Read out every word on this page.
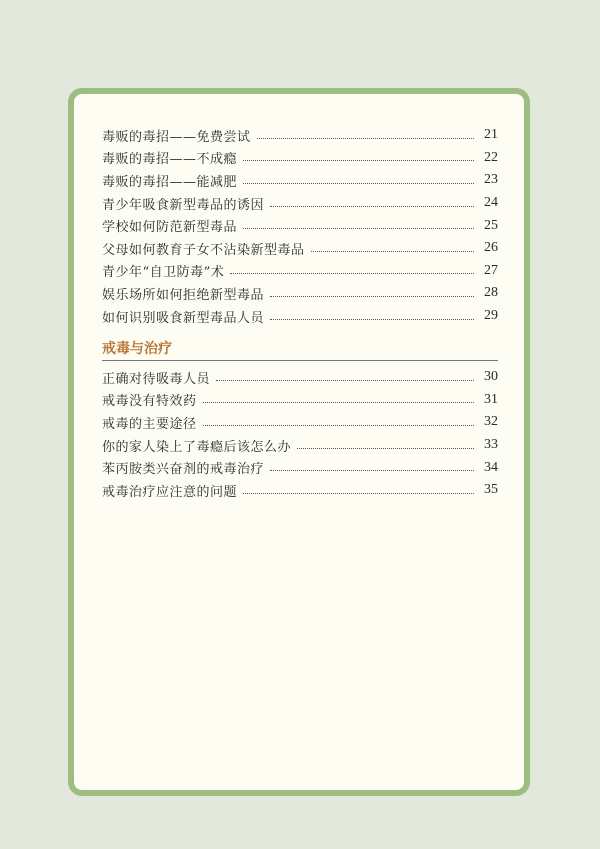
毒贩的毒招——免费尝试	21
毒贩的毒招——不成瘾	22
毒贩的毒招——能减肥	23
青少年吸食新型毒品的诱因	24
学校如何防范新型毒品	25
父母如何教育子女不沾染新型毒品	26
青少年“自卫防毒”术	27
娱乐场所如何拒绝新型毒品	28
如何识别吸食新型毒品人员	29
戒毒与治疗
正确对待吸毒人员	30
戒毒没有特效药	31
戒毒的主要途径	32
你的家人染上了毒瘾后该怎么办	33
苯丙胺类兴奋剂的戒毒治疗	34
戒毒治疗应注意的问题	35
